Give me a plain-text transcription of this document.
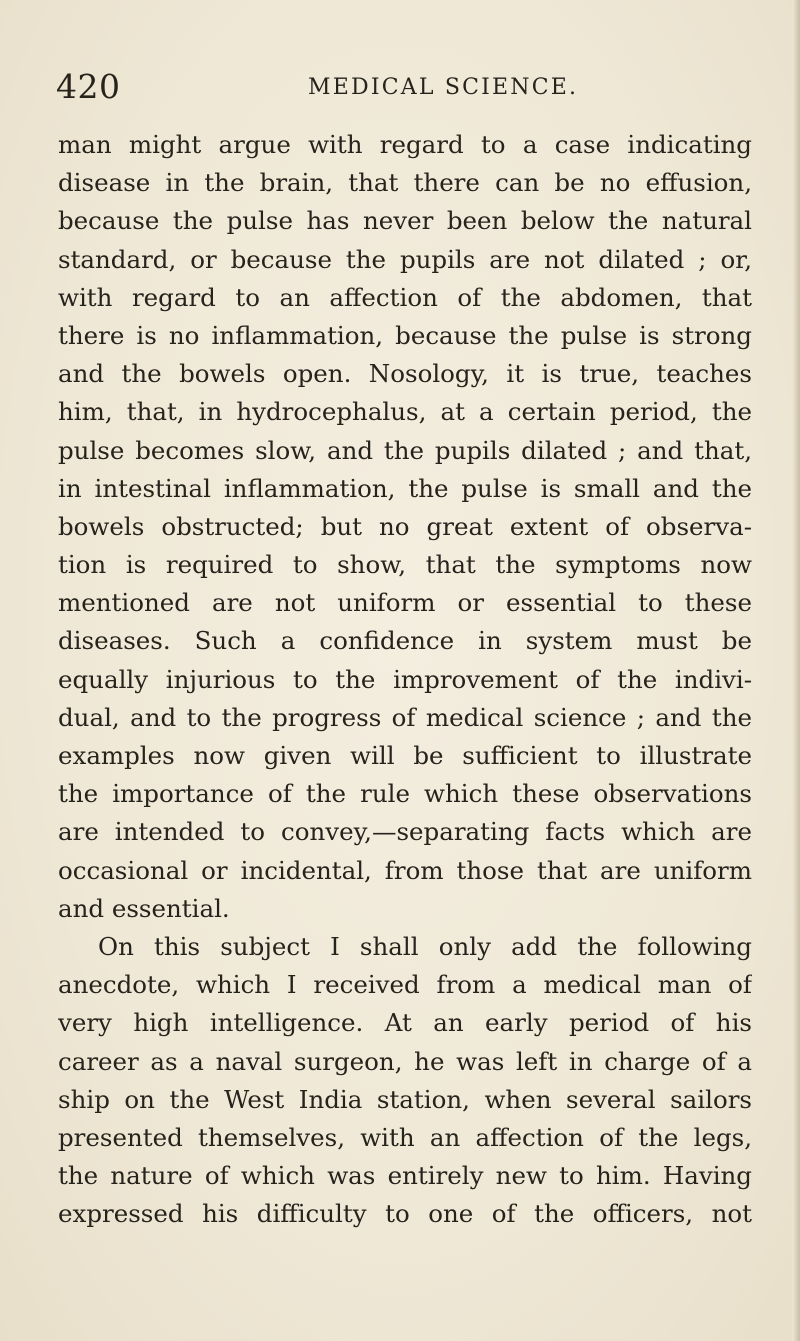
420	MEDICAL SCIENCE.
man might argue with regard to a case indicating
disease in the brain, that there can be no effusion,
because the pulse has never been below the natural
standard, or because the pupils are not dilated ; or,
with regard to an affection of the abdomen, that
there is no inflammation, because the pulse is strong
and the bowels open. Nosology, it is true, teaches
him, that, in hydrocephalus, at a certain period, the
pulse becomes slow, and the pupils dilated ; and that,
in intestinal inflammation, the pulse is small and the
bowels obstructed; but no great extent of observa-
tion is required to show, that the symptoms now
mentioned are not uniform or essential to these
diseases. Such a confidence in system must be
equally injurious to the improvement of the indivi-
dual, and to the progress of medical science ; and the
examples now given will be sufficient to illustrate
the importance of the rule which these observations
are intended to convey,—separating facts which are
occasional or incidental, from those that are uniform
and essential.
On this subject I shall only add the following
anecdote, which I received from a medical man of
very high intelligence. At an early period of his
career as a naval surgeon, he was left in charge of a
ship on the West India station, when several sailors
presented themselves, with an affection of the legs,
the nature of which was entirely new to him. Having
expressed his difficulty to one of the officers, not
